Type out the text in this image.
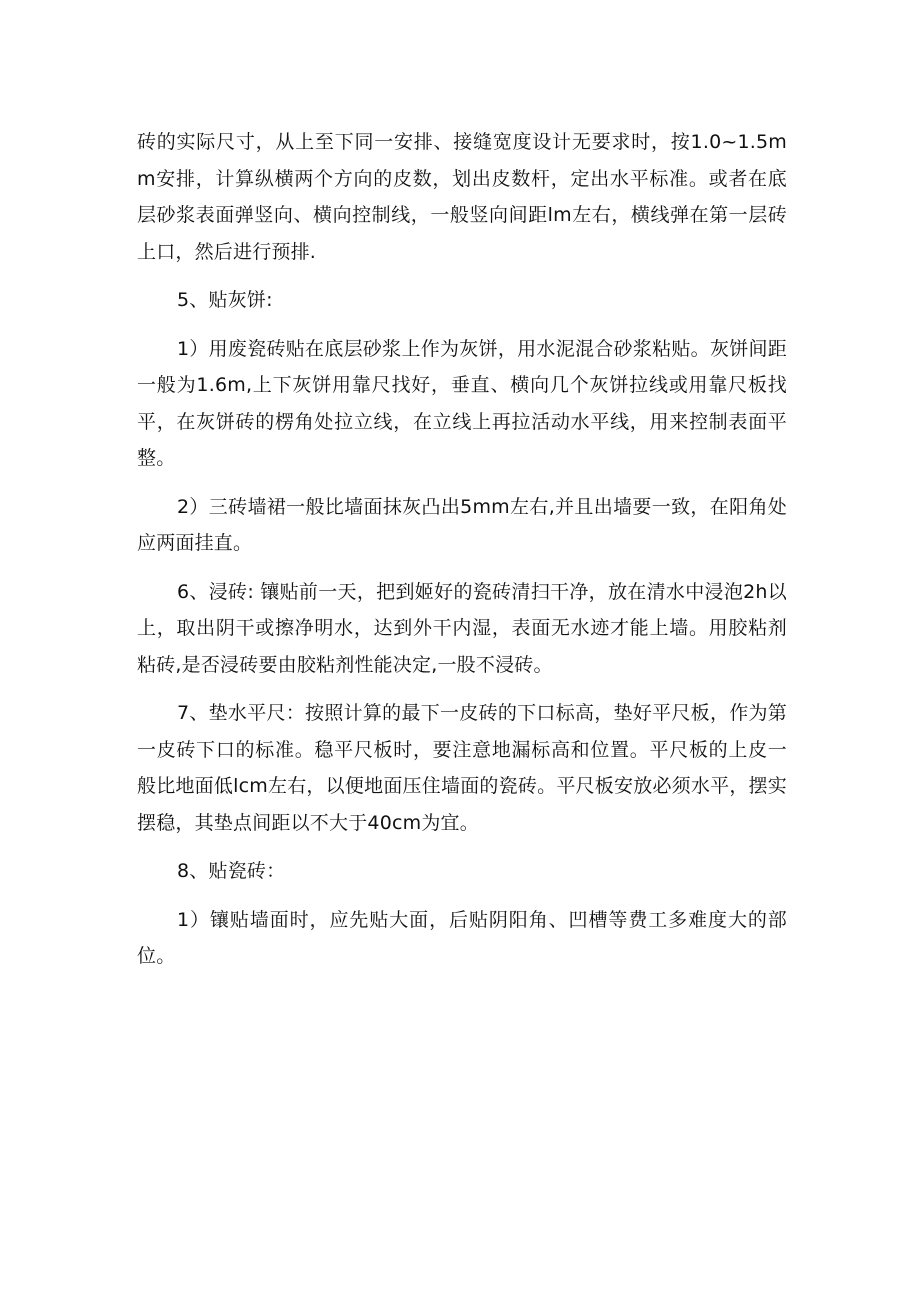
砖的实际尺寸，从上至下同一安排、接缝宽度设计无要求时，按1.0~1.5mm安排，计算纵横两个方向的皮数，划出皮数杆，定出水平标准。或者在底层砂浆表面弹竖向、横向控制线，一般竖向间距lm左右，横线弹在第一层砖上口，然后进行预排.

5、贴灰饼:

1）用废瓷砖贴在底层砂浆上作为灰饼，用水泥混合砂浆粘贴。灰饼间距一般为1.6m,上下灰饼用靠尺找好，垂直、横向几个灰饼拉线或用靠尺板找平，在灰饼砖的楞角处拉立线，在立线上再拉活动水平线，用来控制表面平整。

2）三砖墙裙一般比墙面抹灰凸出5mm左右,并且出墙要一致，在阳角处应两面挂直。

6、浸砖: 镶贴前一天，把到姬好的瓷砖清扫干净，放在清水中浸泡2h以上，取出阴干或擦净明水，达到外干内湿，表面无水迹才能上墙。用胶粘剂粘砖,是否浸砖要由胶粘剂性能决定,一股不浸砖。

7、垫水平尺：按照计算的最下一皮砖的下口标高，垫好平尺板，作为第一皮砖下口的标准。稳平尺板时，要注意地漏标高和位置。平尺板的上皮一般比地面低lcm左右，以便地面压住墙面的瓷砖。平尺板安放必须水平，摆实摆稳，其垫点间距以不大于40cm为宜。

8、贴瓷砖：

1）镶贴墙面时，应先贴大面，后贴阴阳角、凹槽等费工多难度大的部位。
